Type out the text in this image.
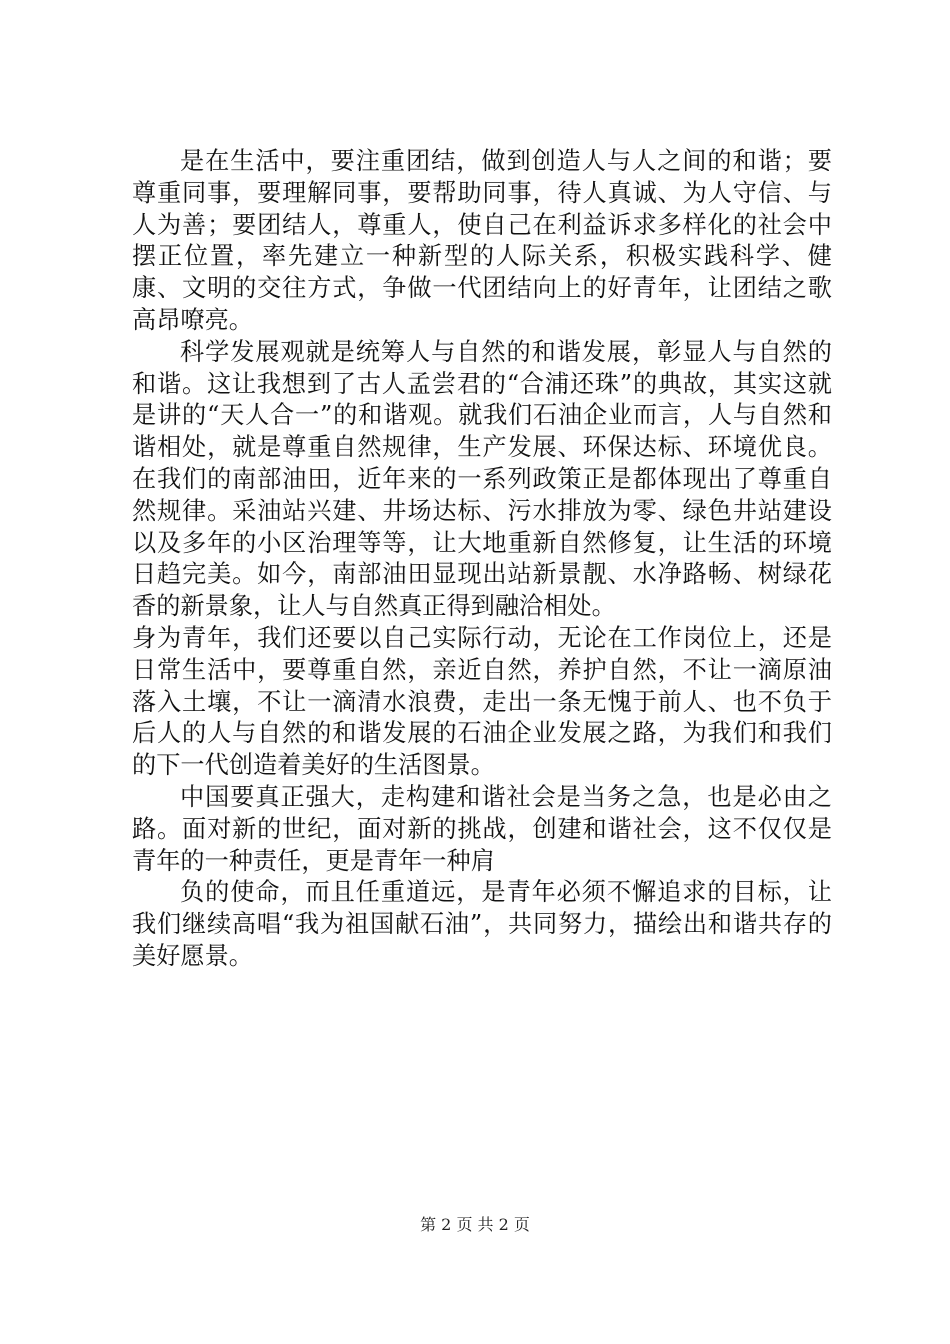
是在生活中，要注重团结，做到创造人与人之间的和谐；要尊重同事，要理解同事，要帮助同事，待人真诚、为人守信、与人为善；要团结人，尊重人，使自己在利益诉求多样化的社会中摆正位置，率先建立一种新型的人际关系，积极实践科学、健康、文明的交往方式，争做一代团结向上的好青年，让团结之歌高昂嘹亮。

科学发展观就是统筹人与自然的和谐发展，彰显人与自然的和谐。这让我想到了古人孟尝君的“合浦还珠”的典故，其实这就是讲的“天人合一”的和谐观。就我们石油企业而言，人与自然和谐相处，就是尊重自然规律，生产发展、环保达标、环境优良。在我们的南部油田，近年来的一系列政策正是都体现出了尊重自然规律。采油站兴建、井场达标、污水排放为零、绿色井站建设以及多年的小区治理等等，让大地重新自然修复，让生活的环境日趋完美。如今，南部油田显现出站新景靓、水净路畅、树绿花香的新景象，让人与自然真正得到融洽相处。
身为青年，我们还要以自己实际行动，无论在工作岗位上，还是日常生活中，要尊重自然，亲近自然，养护自然，不让一滴原油落入土壤，不让一滴清水浪费，走出一条无愧于前人、也不负于后人的人与自然的和谐发展的石油企业发展之路，为我们和我们的下一代创造着美好的生活图景。

中国要真正强大，走构建和谐社会是当务之急，也是必由之路。面对新的世纪，面对新的挑战，创建和谐社会，这不仅仅是青年的一种责任，更是青年一种肩

负的使命，而且任重道远，是青年必须不懈追求的目标，让我们继续高唱“我为祖国献石油”，共同努力，描绘出和谐共存的美好愿景。

第 2 页 共 2 页
